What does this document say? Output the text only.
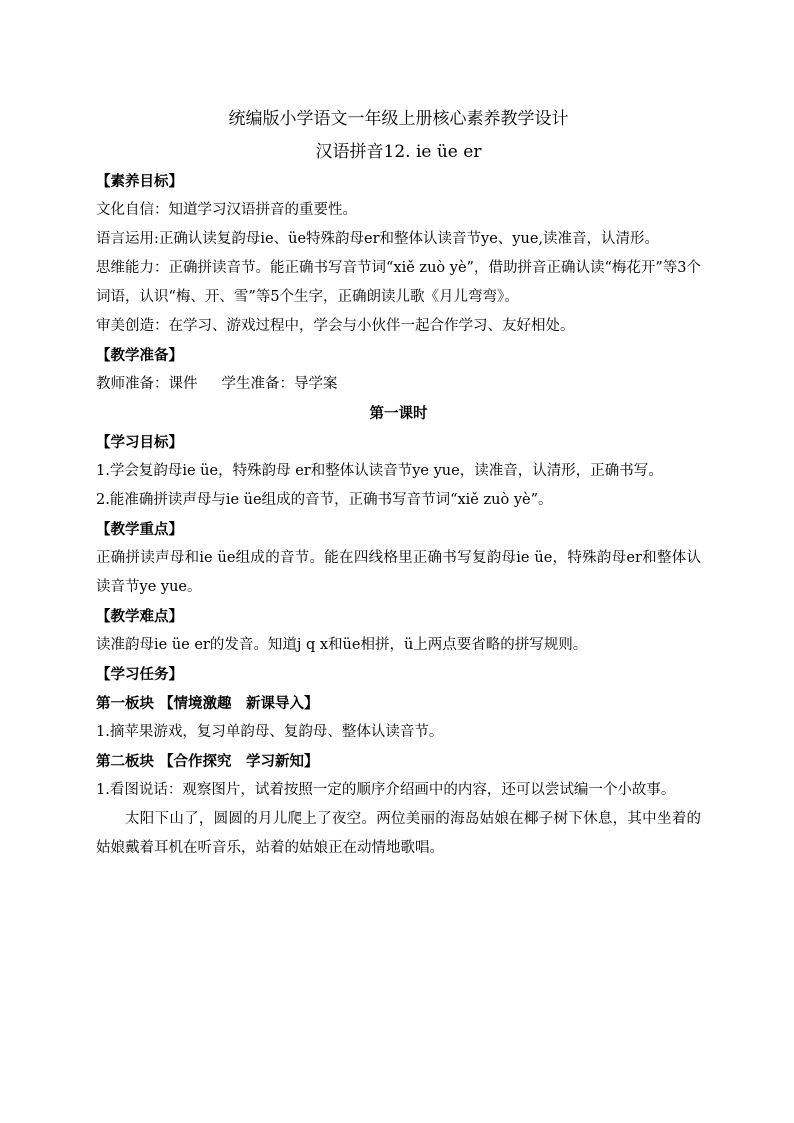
统编版小学语文一年级上册核心素养教学设计

汉语拼音12. ie üe er

【素养目标】

文化自信：知道学习汉语拼音的重要性。

语言运用:正确认读复韵母ie、üe特殊韵母er和整体认读音节ye、yue,读准音，认清形。

思维能力：正确拼读音节。能正确书写音节词“xiě zuò yè”，借助拼音正确认读“梅花开”等3个词语，认识“梅、开、雪”等5个生字，正确朗读儿歌《月儿弯弯》。

审美创造：在学习、游戏过程中，学会与小伙伴一起合作学习、友好相处。

【教学准备】

教师准备：课件 学生准备：导学案

第一课时

【学习目标】

1.学会复韵母ie üe，特殊韵母 er和整体认读音节ye yue，读准音，认清形，正确书写。

2.能准确拼读声母与ie üe组成的音节，正确书写音节词“xiě zuò yè”。

【教学重点】

正确拼读声母和ie üe组成的音节。能在四线格里正确书写复韵母ie üe，特殊韵母er和整体认读音节ye yue。

【教学难点】

读准韵母ie üe er的发音。知道j q x和üe相拼，ü上两点要省略的拼写规则。

【学习任务】

第一板块 【情境激趣　新课导入】

1.摘苹果游戏，复习单韵母、复韵母、整体认读音节。

第二板块 【合作探究　学习新知】

1.看图说话：观察图片，试着按照一定的顺序介绍画中的内容，还可以尝试编一个小故事。

太阳下山了，圆圆的月儿爬上了夜空。两位美丽的海岛姑娘在椰子树下休息，其中坐着的姑娘戴着耳机在听音乐，站着的姑娘正在动情地歌唱。
